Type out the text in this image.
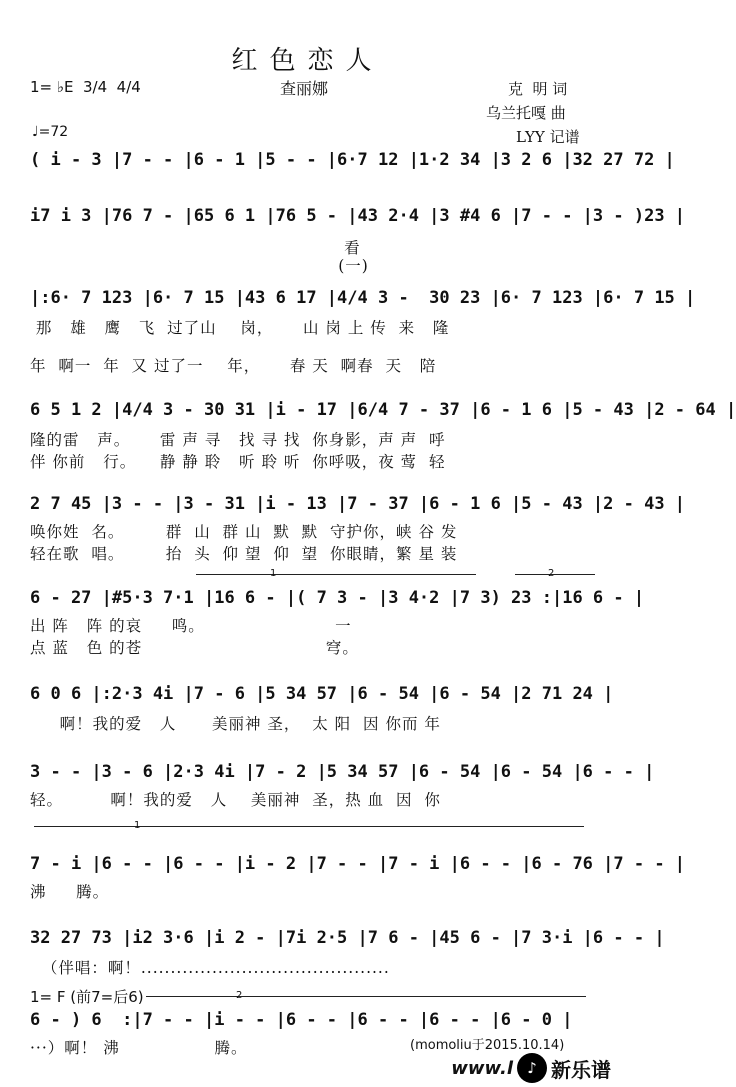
红色恋人
1= ♭E  3/4  4/4	查丽娜	克  明 词
乌兰托嘎 曲
LYY 记谱
♩=72
( i - 3 |7 - - |6 - 1 |5 - - |6·7 12 |1·2 34 |3 2 6 |32 27 72 |
i7 i 3 |76 7 - |65 6 1 |76 5 - |43 2·4 |3 #4 6 |7 - - |3 - )23 |
看
(一)
|:6· 7 123 |6· 7 15 |43 6 17 |4/4 3 -  30 23 |6· 7 123 |6· 7 15 |
那   雄   鹰   飞  过了山    岗，     山 岗 上 传  来   隆
年  啊一  年  又 过了一    年，     春 天  啊春  天   陪
6 5 1 2 |4/4 3 - 30 31 |i - 17 |6/4 7 - 37 |6 - 1 6 |5 - 43 |2 - 64 |
隆的雷   声。     雷 声 寻   找 寻 找  你身影，声 声  呼
伴 你前   行。    静 静 聆   听 聆 听  你呼吸，夜 莺  轻
2 7 45 |3 - - |3 - 31 |i - 13 |7 - 37 |6 - 1 6 |5 - 43 |2 - 43 |
唤你姓  名。       群  山  群 山  默  默  守护你，峡 谷 发
轻在歌  唱。       抬  头  仰 望  仰  望  你眼睛，繁 星 装
1	2
6 - 27 |#5·3 7·1 |16 6 - |( 7 3 - |3 4·2 |7 3) 23 :|16 6 - |
出 阵   阵 的哀     鸣。                      一
点 蓝   色 的苍                               穹。
6 0 6 |:2·3 4i |7 - 6 |5 34 57 |6 - 54 |6 - 54 |2 71 24 |
啊！我的爱   人      美丽神 圣，  太 阳  因 你而 年
3 - - |3 - 6 |2·3 4i |7 - 2 |5 34 57 |6 - 54 |6 - 54 |6 - - |
轻。        啊！我的爱   人    美丽神  圣，热 血  因  你
1
7 - i |6 - - |6 - - |i - 2 |7 - - |7 - i |6 - - |6 - 76 |7 - - |
沸     腾。
32 27 73 |i2 3·6 |i 2 - |7i 2·5 |7 6 - |45 6 - |7 3·i |6 - - |
（伴唱：啊！..........................................
1= F (前7=后6)	2
6 - ) 6  :|7 - - |i - - |6 - - |6 - - |6 - - |6 - 0 |
···）啊！ 沸                腾。	(momoliu于2015.10.14)
www.l ♪ 新乐谱
